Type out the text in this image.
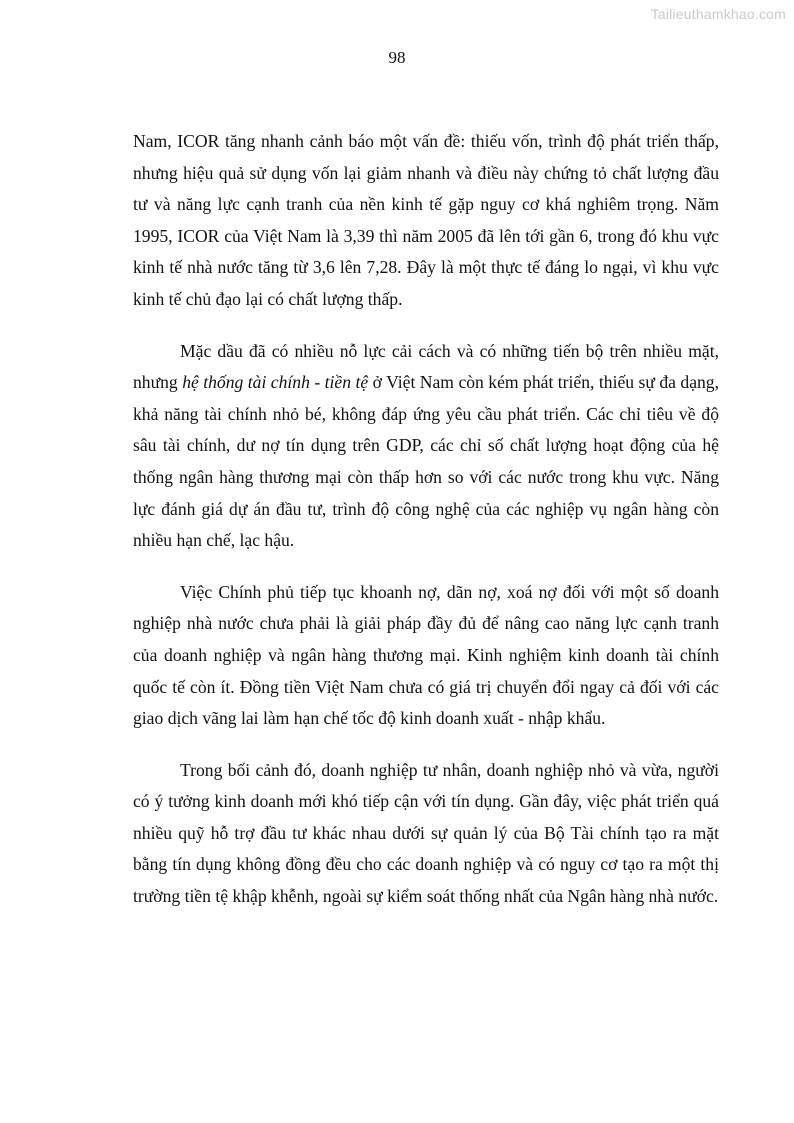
Tailieuthamkhao.com
98

Nam, ICOR tăng nhanh cảnh báo một vấn đề: thiếu vốn, trình độ phát triển thấp, nhưng hiệu quả sử dụng vốn lại giảm nhanh và điều này chứng tỏ chất lượng đầu tư và năng lực cạnh tranh của nền kinh tế gặp nguy cơ khá nghiêm trọng. Năm 1995, ICOR của Việt Nam là 3,39 thì năm 2005 đã lên tới gần 6, trong đó khu vực kinh tế nhà nước tăng từ 3,6 lên 7,28. Đây là một thực tế đáng lo ngại, vì khu vực kinh tế chủ đạo lại có chất lượng thấp.

Mặc dầu đã có nhiều nỗ lực cải cách và có những tiến bộ trên nhiều mặt, nhưng hệ thống tài chính - tiền tệ ở Việt Nam còn kém phát triển, thiếu sự đa dạng, khả năng tài chính nhỏ bé, không đáp ứng yêu cầu phát triển. Các chỉ tiêu về độ sâu tài chính, dư nợ tín dụng trên GDP, các chỉ số chất lượng hoạt động của hệ thống ngân hàng thương mại còn thấp hơn so với các nước trong khu vực. Năng lực đánh giá dự án đầu tư, trình độ công nghệ của các nghiệp vụ ngân hàng còn nhiều hạn chế, lạc hậu.

Việc Chính phủ tiếp tục khoanh nợ, dãn nợ, xoá nợ đối với một số doanh nghiệp nhà nước chưa phải là giải pháp đầy đủ để nâng cao năng lực cạnh tranh của doanh nghiệp và ngân hàng thương mại. Kinh nghiệm kinh doanh tài chính quốc tế còn ít. Đồng tiền Việt Nam chưa có giá trị chuyển đổi ngay cả đối với các giao dịch vãng lai làm hạn chế tốc độ kinh doanh xuất - nhập khẩu.

Trong bối cảnh đó, doanh nghiệp tư nhân, doanh nghiệp nhỏ và vừa, người có ý tưởng kinh doanh mới khó tiếp cận với tín dụng. Gần đây, việc phát triển quá nhiều quỹ hỗ trợ đầu tư khác nhau dưới sự quản lý của Bộ Tài chính tạo ra mặt bằng tín dụng không đồng đều cho các doanh nghiệp và có nguy cơ tạo ra một thị trường tiền tệ khập khễnh, ngoài sự kiểm soát thống nhất của Ngân hàng nhà nước.
